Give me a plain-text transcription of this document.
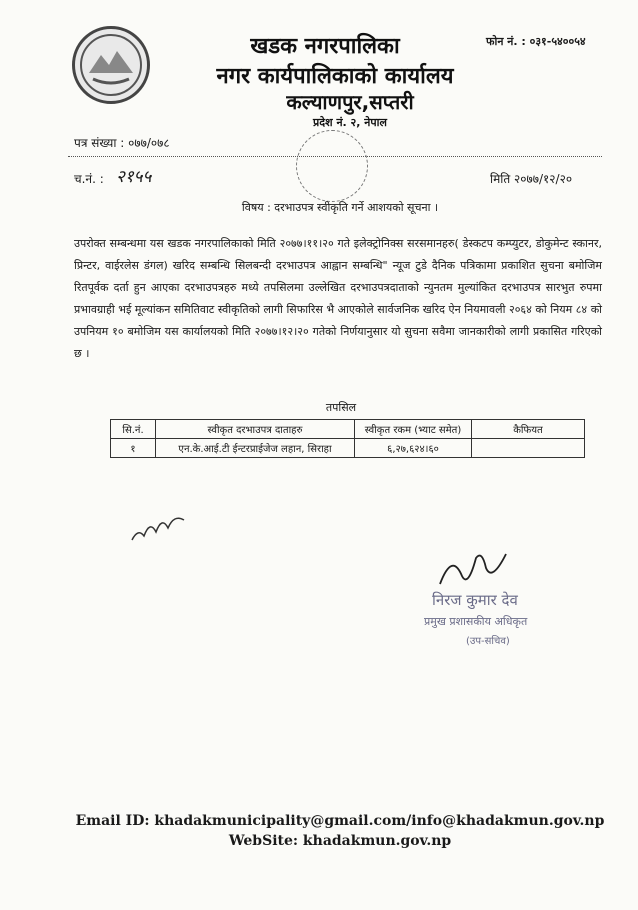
खडक नगरपालिका
नगर कार्यपालिकाको कार्यालय
कल्याणपुर,सप्तरी
प्रदेश नं. २, नेपाल
फोन नं. : ०३१-५४००५४
पत्र संख्या : ०७७/०७८
च.नं. : २१५५	मिति २०७७/१२/२०
विषय : दरभाउपत्र स्वीकृति गर्ने आशयको सूचना ।
उपरोक्त सम्बन्धमा यस खडक नगरपालिकाको मिति २०७७।११।२० गते इलेक्ट्रोनिक्स सरसमानहरु( डेस्कटप कम्प्युटर, डोकुमेन्ट स्कानर, प्रिन्टर, वाईरलेस डंगल) खरिद सम्बन्धि सिलबन्दी दरभाउपत्र आह्वान सम्बन्धि" न्यूज टुडे दैनिक पत्रिकामा प्रकाशित सुचना बमोजिम रितपूर्वक दर्ता हुन आएका दरभाउपत्रहरु मध्ये तपसिलमा उल्लेखित दरभाउपत्रदाताको न्युनतम मुल्यांकित दरभाउपत्र सारभुत रुपमा प्रभावग्राही भई मूल्यांकन समितिवाट स्वीकृतिको लागी सिफारिस भै आएकोले सार्वजनिक खरिद ऐन नियमावली २०६४ को नियम ८४ को उपनियम १० बमोजिम यस कार्यालयको मिति २०७७।१२।२० गतेको निर्णयानुसार यो सुचना सवैमा जानकारीको लागी प्रकासित गरिएको छ ।
तपसिल
सि.नं.	स्वीकृत दरभाउपत्र दाताहरु	स्वीकृत रकम (भ्याट समेत)	कैफियत
१	एन.के.आई.टी ईन्टरप्राईजेज लहान, सिराहा	६,२७,६२४।६०	
निरज कुमार देव
प्रमुख प्रशासकीय अधिकृत
(उप-सचिव)
Email ID: khadakmunicipality@gmail.com/info@khadakmun.gov.np
WebSite: khadakmun.gov.np
